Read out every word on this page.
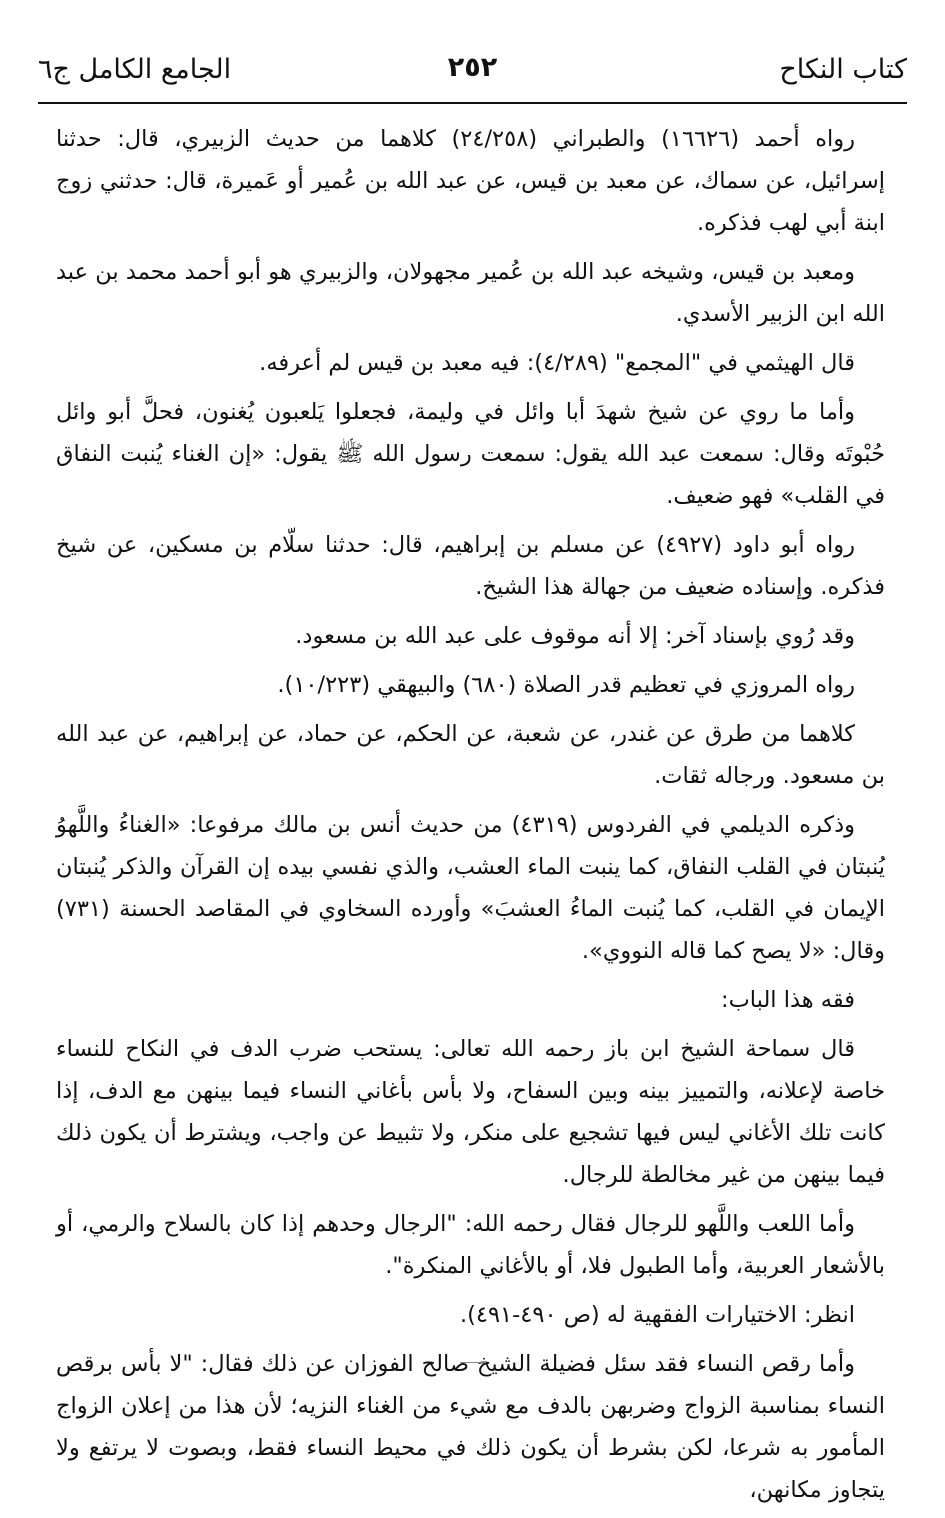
كتاب النكاح
٢٥٢
الجامع الكامل ج٦

رواه أحمد (١٦٦٢٦) والطبراني (٢٤/٢٥٨) كلاهما من حديث الزبيري، قال: حدثنا إسرائيل، عن سماك، عن معبد بن قيس، عن عبد الله بن عُمير أو عَميرة، قال: حدثني زوج ابنة أبي لهب فذكره.

ومعبد بن قيس، وشيخه عبد الله بن عُمير مجهولان، والزبيري هو أبو أحمد محمد بن عبد الله ابن الزبير الأسدي.

قال الهيثمي في "المجمع" (٤/٢٨٩): فيه معبد بن قيس لم أعرفه.

وأما ما روي عن شيخ شهدَ أبا وائل في وليمة، فجعلوا يَلعبون يُغنون، فحلَّ أبو وائل حُبْوتَه وقال: سمعت عبد الله يقول: سمعت رسول الله ﷺ يقول: «إن الغناء يُنبت النفاق في القلب» فهو ضعيف.

رواه أبو داود (٤٩٢٧) عن مسلم بن إبراهيم، قال: حدثنا سلّام بن مسكين، عن شيخ فذكره. وإسناده ضعيف من جهالة هذا الشيخ.

وقد رُوي بإسناد آخر: إلا أنه موقوف على عبد الله بن مسعود.

رواه المروزي في تعظيم قدر الصلاة (٦٨٠) والبيهقي (١٠/٢٢٣).

كلاهما من طرق عن غندر، عن شعبة، عن الحكم، عن حماد، عن إبراهيم، عن عبد الله بن مسعود. ورجاله ثقات.

وذكره الديلمي في الفردوس (٤٣١٩) من حديث أنس بن مالك مرفوعا: «الغناءُ واللَّهوُ يُنبتان في القلب النفاق، كما ينبت الماء العشب، والذي نفسي بيده إن القرآن والذكر يُنبتان الإيمان في القلب، كما يُنبت الماءُ العشبَ» وأورده السخاوي في المقاصد الحسنة (٧٣١) وقال: «لا يصح كما قاله النووي».

فقه هذا الباب:

قال سماحة الشيخ ابن باز رحمه الله تعالى: يستحب ضرب الدف في النكاح للنساء خاصة لإعلانه، والتمييز بينه وبين السفاح، ولا بأس بأغاني النساء فيما بينهن مع الدف، إذا كانت تلك الأغاني ليس فيها تشجيع على منكر، ولا تثبيط عن واجب، ويشترط أن يكون ذلك فيما بينهن من غير مخالطة للرجال.

وأما اللعب واللَّهو للرجال فقال رحمه الله: "الرجال وحدهم إذا كان بالسلاح والرمي، أو بالأشعار العربية، وأما الطبول فلا، أو بالأغاني المنكرة".

انظر: الاختيارات الفقهية له (ص ٤٩٠-٤٩١).

وأما رقص النساء فقد سئل فضيلة الشيخ صالح الفوزان عن ذلك فقال: "لا بأس برقص النساء بمناسبة الزواج وضربهن بالدف مع شيء من الغناء النزيه؛ لأن هذا من إعلان الزواج المأمور به شرعا، لكن بشرط أن يكون ذلك في محيط النساء فقط، وبصوت لا يرتفع ولا يتجاوز مكانهن،
